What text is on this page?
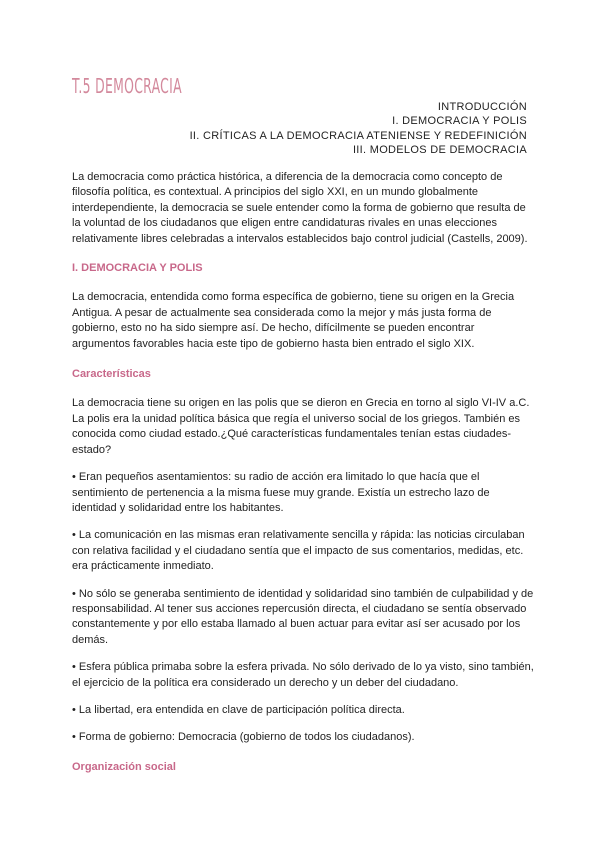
T.5 DEMOCRACIA
INTRODUCCIÓN
I. DEMOCRACIA Y POLIS
II. CRÍTICAS A LA DEMOCRACIA ATENIENSE Y REDEFINICIÓN
III. MODELOS DE DEMOCRACIA

La democracia como práctica histórica, a diferencia de la democracia como concepto de filosofía política, es contextual. A principios del siglo XXI, en un mundo globalmente interdependiente, la democracia se suele entender como la forma de gobierno que resulta de la voluntad de los ciudadanos que eligen entre candidaturas rivales en unas elecciones relativamente libres celebradas a intervalos establecidos bajo control judicial (Castells, 2009).

I. DEMOCRACIA Y POLIS

La democracia, entendida como forma específica de gobierno, tiene su origen en la Grecia Antigua. A pesar de actualmente sea considerada como la mejor y más justa forma de gobierno, esto no ha sido siempre así. De hecho, difícilmente se pueden encontrar argumentos favorables hacia este tipo de gobierno hasta bien entrado el siglo XIX.

Características

La democracia tiene su origen en las polis que se dieron en Grecia en torno al siglo VI-IV a.C. La polis era la unidad política básica que regía el universo social de los griegos. También es conocida como ciudad estado.¿Qué características fundamentales tenían estas ciudades-estado?

• Eran pequeños asentamientos: su radio de acción era limitado lo que hacía que el sentimiento de pertenencia a la misma fuese muy grande. Existía un estrecho lazo de identidad y solidaridad entre los habitantes.

• La comunicación en las mismas eran relativamente sencilla y rápida: las noticias circulaban con relativa facilidad y el ciudadano sentía que el impacto de sus comentarios, medidas, etc. era prácticamente inmediato.

• No sólo se generaba sentimiento de identidad y solidaridad sino también de culpabilidad y de responsabilidad. Al tener sus acciones repercusión directa, el ciudadano se sentía observado constantemente y por ello estaba llamado al buen actuar para evitar así ser acusado por los demás.

• Esfera pública primaba sobre la esfera privada. No sólo derivado de lo ya visto, sino también, el ejercicio de la política era considerado un derecho y un deber del ciudadano.

• La libertad, era entendida en clave de participación política directa.

• Forma de gobierno: Democracia (gobierno de todos los ciudadanos).

Organización social
